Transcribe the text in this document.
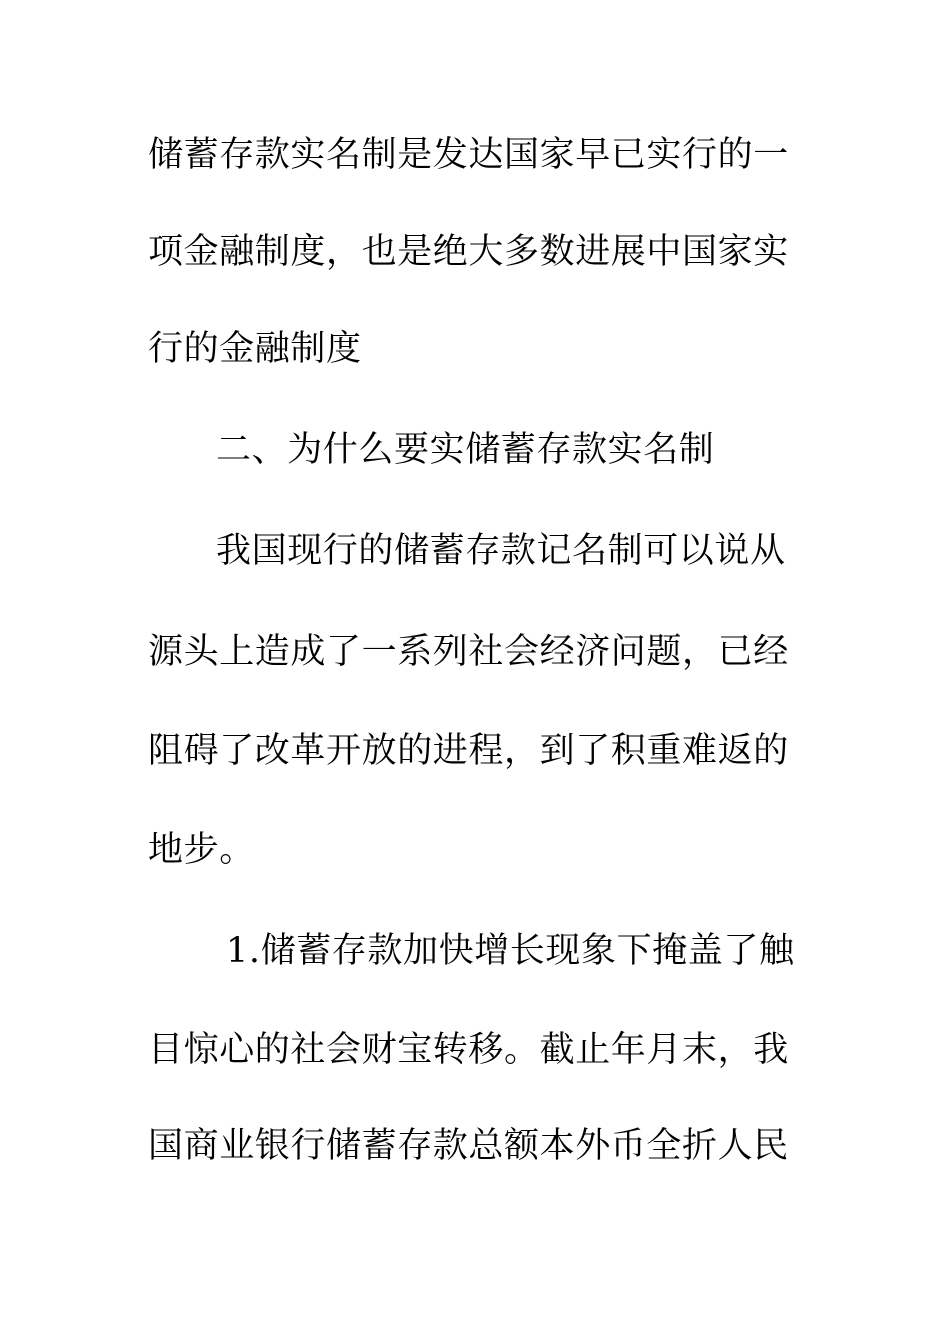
储蓄存款实名制是发达国家早已实行的一
项金融制度，也是绝大多数进展中国家实
行的金融制度
二、为什么要实储蓄存款实名制
我国现行的储蓄存款记名制可以说从
源头上造成了一系列社会经济问题，已经
阻碍了改革开放的进程，到了积重难返的
地步。
1.储蓄存款加快增长现象下掩盖了触
目惊心的社会财宝转移。截止年月末，我
国商业银行储蓄存款总额本外币全折人民
